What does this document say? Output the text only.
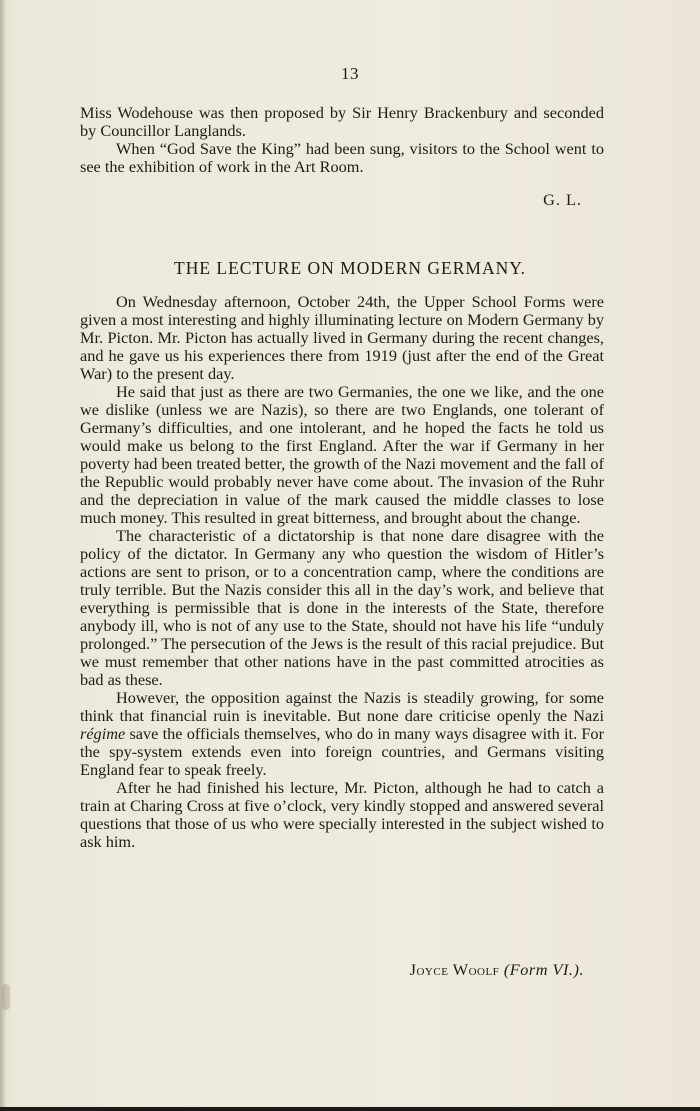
13

Miss Wodehouse was then proposed by Sir Henry Brackenbury and seconded by Councillor Langlands.

When “God Save the King” had been sung, visitors to the School went to see the exhibition of work in the Art Room.

G. L.
THE LECTURE ON MODERN GERMANY.

On Wednesday afternoon, October 24th, the Upper School Forms were given a most interesting and highly illuminating lecture on Modern Germany by Mr. Picton. Mr. Picton has actually lived in Germany during the recent changes, and he gave us his experiences there from 1919 (just after the end of the Great War) to the present day.

He said that just as there are two Germanies, the one we like, and the one we dislike (unless we are Nazis), so there are two Englands, one tolerant of Germany’s difficulties, and one intolerant, and he hoped the facts he told us would make us belong to the first England. After the war if Germany in her poverty had been treated better, the growth of the Nazi movement and the fall of the Republic would probably never have come about. The invasion of the Ruhr and the depreciation in value of the mark caused the middle classes to lose much money. This resulted in great bitterness, and brought about the change.

The characteristic of a dictatorship is that none dare disagree with the policy of the dictator. In Germany any who question the wisdom of Hitler’s actions are sent to prison, or to a concentration camp, where the conditions are truly terrible. But the Nazis consider this all in the day’s work, and believe that everything is permissible that is done in the interests of the State, therefore anybody ill, who is not of any use to the State, should not have his life “unduly prolonged.” The persecution of the Jews is the result of this racial prejudice. But we must remember that other nations have in the past committed atrocities as bad as these.

However, the opposition against the Nazis is steadily growing, for some think that financial ruin is inevitable. But none dare criticise openly the Nazi régime save the officials themselves, who do in many ways disagree with it. For the spy-system extends even into foreign countries, and Germans visiting England fear to speak freely.

After he had finished his lecture, Mr. Picton, although he had to catch a train at Charing Cross at five o’clock, very kindly stopped and answered several questions that those of us who were specially interested in the subject wished to ask him.

Joyce Woolf (Form VI.).
